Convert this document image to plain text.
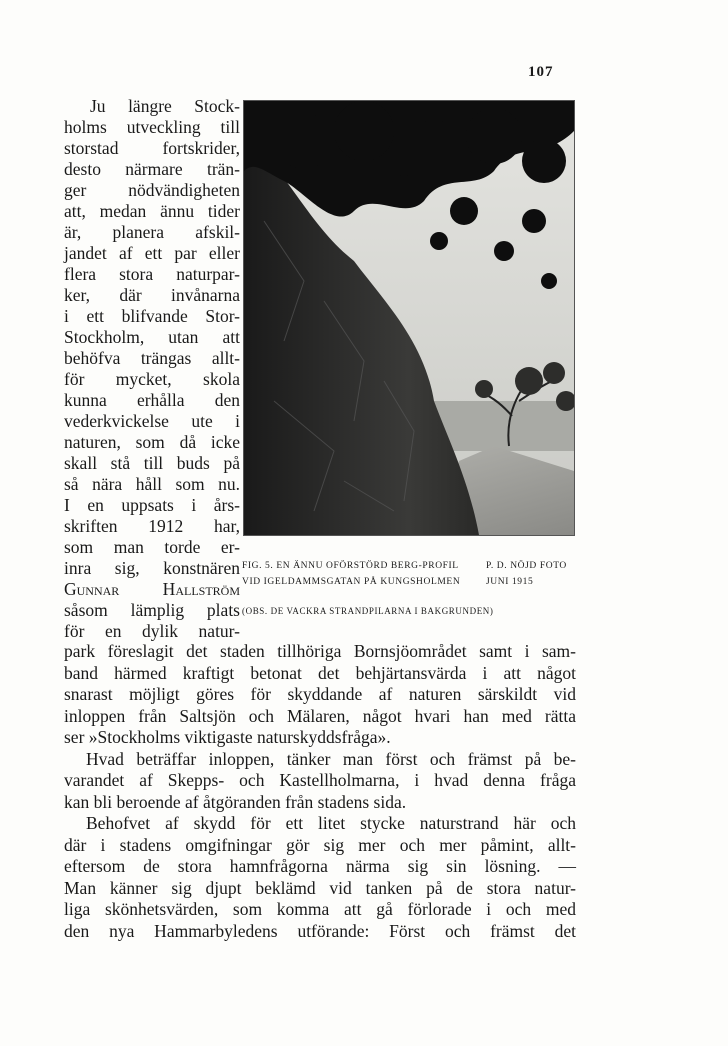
107
Ju längre Stock-
holms utveckling till
storstad fortskrider,
desto närmare trän-
ger nödvändigheten
att, medan ännu tider
är, planera afskil-
jandet af ett par eller
flera stora naturpar-
ker, där invånarna
i ett blifvande Stor-
Stockholm, utan att
behöfva trängas allt-
för mycket, skola
kunna erhålla den
vederkvickelse ute i
naturen, som då icke
skall stå till buds på
så nära håll som nu.
I en uppsats i års-
skriften 1912 har,
som man torde er-
inra sig, konstnären
Gunnar Hallström
såsom lämplig plats
för en dylik natur-
FIG. 5. EN ÄNNU OFÖRSTÖRD BERG-PROFIL VID IGELDAMMSGATAN PÅ KUNGSHOLMEN
P. D. NÖJD FOTO JUNI 1915
(OBS. DE VACKRA STRANDPILARNA I BAKGRUNDEN)
park föreslagit det staden tillhöriga Bornsjöområdet samt i sam-
band härmed kraftigt betonat det behjärtansvärda i att något
snarast möjligt göres för skyddande af naturen särskildt vid
inloppen från Saltsjön och Mälaren, något hvari han med rätta
ser »Stockholms viktigaste naturskyddsfråga».
Hvad beträffar inloppen, tänker man först och främst på be-
varandet af Skepps- och Kastellholmarna, i hvad denna fråga
kan bli beroende af åtgöranden från stadens sida.
Behofvet af skydd för ett litet stycke naturstrand här och
där i stadens omgifningar gör sig mer och mer påmint, allt-
eftersom de stora hamnfrågorna närma sig sin lösning. —
Man känner sig djupt beklämd vid tanken på de stora natur-
liga skönhetsvärden, som komma att gå förlorade i och med
den nya Hammarbyledens utförande: Först och främst det
